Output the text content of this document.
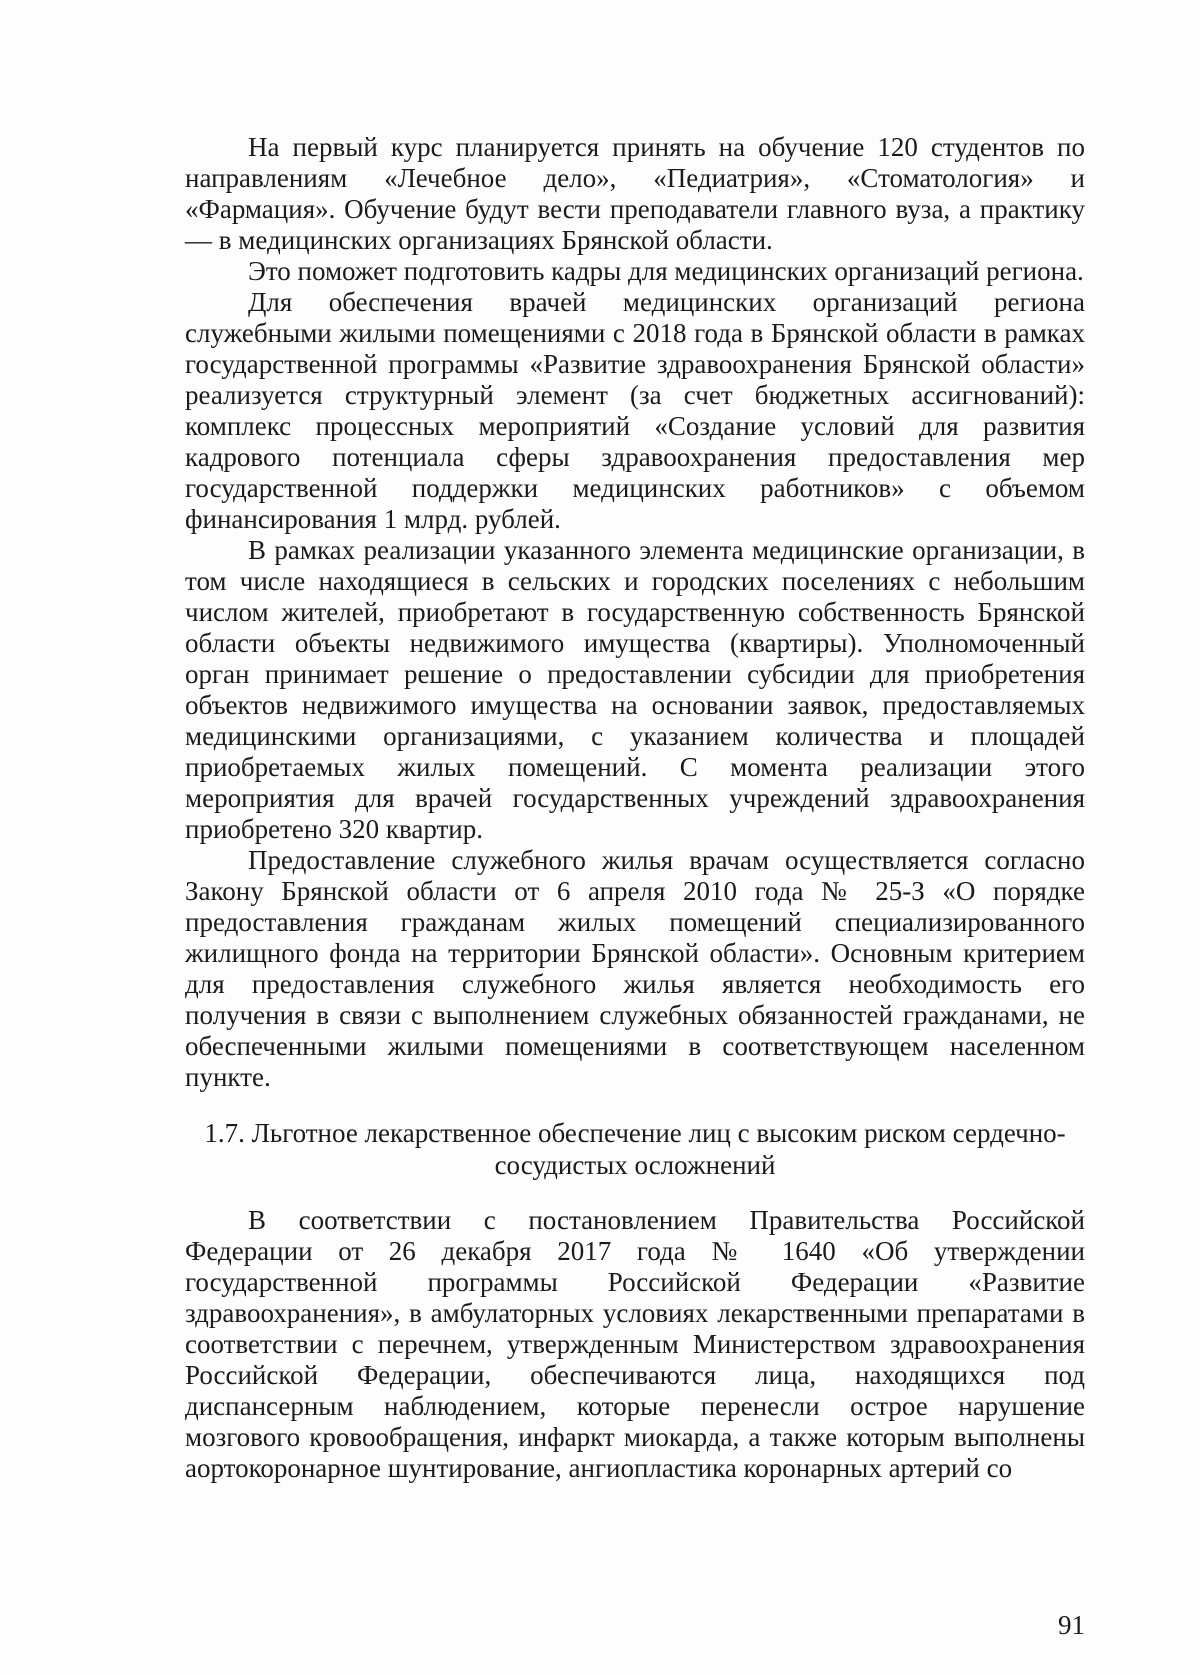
На первый курс планируется принять на обучение 120 студентов по направлениям «Лечебное дело», «Педиатрия», «Стоматология» и «Фармация». Обучение будут вести преподаватели главного вуза, а практику — в медицинских организациях Брянской области.

Это поможет подготовить кадры для медицинских организаций региона.

Для обеспечения врачей медицинских организаций региона служебными жилыми помещениями с 2018 года в Брянской области в рамках государственной программы «Развитие здравоохранения Брянской области» реализуется структурный элемент (за счет бюджетных ассигнований): комплекс процессных мероприятий «Создание условий для развития кадрового потенциала сферы здравоохранения предоставления мер государственной поддержки медицинских работников» с объемом финансирования 1 млрд. рублей.

В рамках реализации указанного элемента медицинские организации, в том числе находящиеся в сельских и городских поселениях с небольшим числом жителей, приобретают в государственную собственность Брянской области объекты недвижимого имущества (квартиры). Уполномоченный орган принимает решение о предоставлении субсидии для приобретения объектов недвижимого имущества на основании заявок, предоставляемых медицинскими организациями, с указанием количества и площадей приобретаемых жилых помещений. С момента реализации этого мероприятия для врачей государственных учреждений здравоохранения приобретено 320 квартир.

Предоставление служебного жилья врачам осуществляется согласно Закону Брянской области от 6 апреля 2010 года № 25-З «О порядке предоставления гражданам жилых помещений специализированного жилищного фонда на территории Брянской области». Основным критерием для предоставления служебного жилья является необходимость его получения в связи с выполнением служебных обязанностей гражданами, не обеспеченными жилыми помещениями в соответствующем населенном пункте.

1.7. Льготное лекарственное обеспечение лиц с высоким риском сердечно-
сосудистых осложнений

В соответствии с постановлением Правительства Российской Федерации от 26 декабря 2017 года № 1640 «Об утверждении государственной программы Российской Федерации «Развитие здравоохранения», в амбулаторных условиях лекарственными препаратами в соответствии с перечнем, утвержденным Министерством здравоохранения Российской Федерации, обеспечиваются лица, находящихся под диспансерным наблюдением, которые перенесли острое нарушение мозгового кровообращения, инфаркт миокарда, а также которым выполнены аортокоронарное шунтирование, ангиопластика коронарных артерий со

91
